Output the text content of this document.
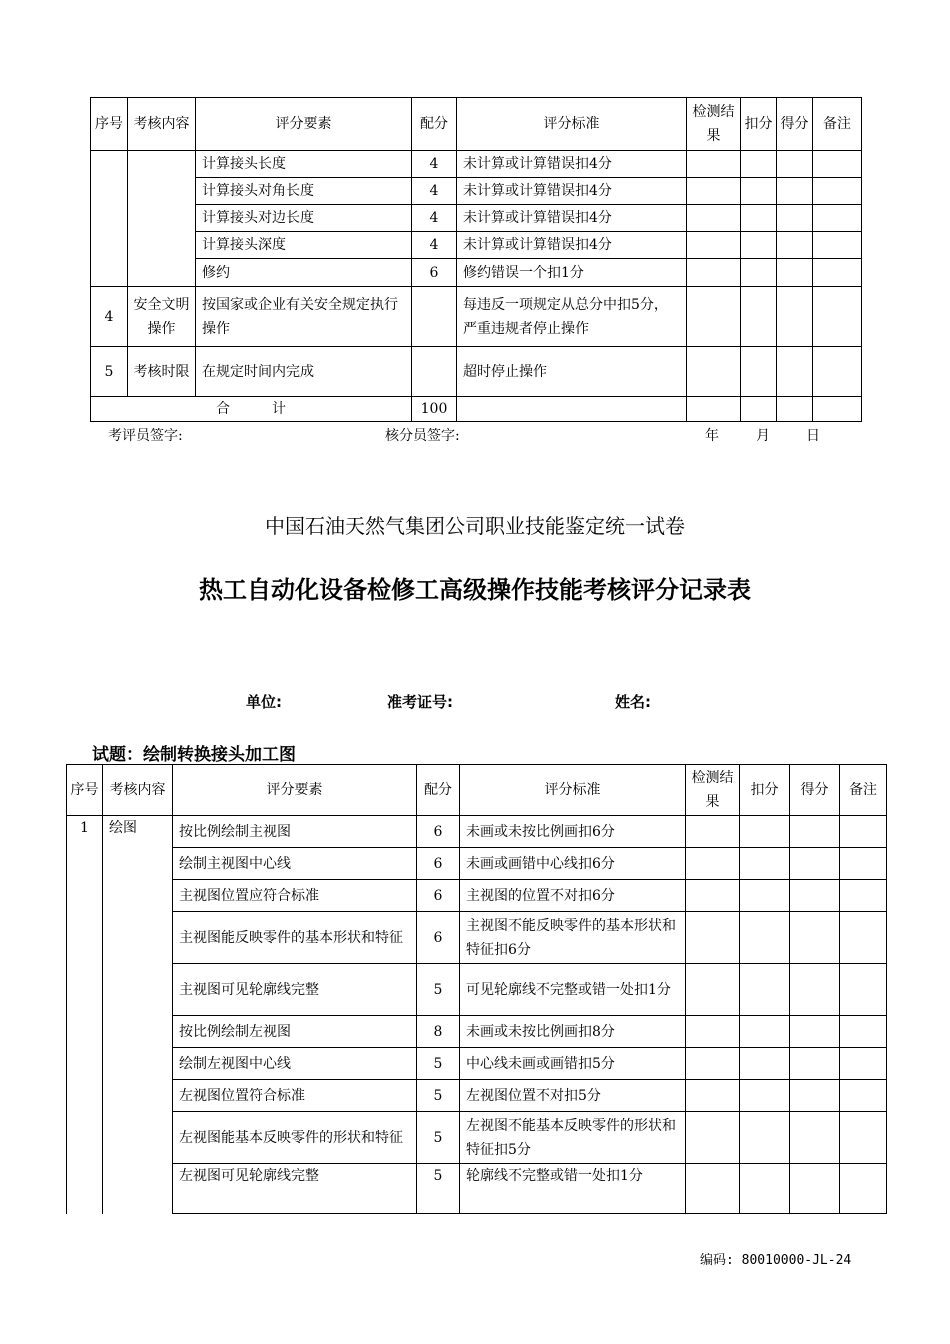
序号	考核内容	评分要素	配分	评分标准	检测结果	扣分	得分	备注
		计算接头长度	4	未计算或计算错误扣4分				
		计算接头对角长度	4	未计算或计算错误扣4分				
		计算接头对边长度	4	未计算或计算错误扣4分				
		计算接头深度	4	未计算或计算错误扣4分				
		修约	6	修约错误一个扣1分				
4	安全文明操作	按国家或企业有关安全规定执行操作		每违反一项规定从总分中扣5分，严重违规者停止操作				
5	考核时限	在规定时间内完成		超时停止操作				
合　　　计			100					
考评员签字:	核分员签字:	年	月	日
中国石油天然气集团公司职业技能鉴定统一试卷
热工自动化设备检修工高级操作技能考核评分记录表
单位:	准考证号:	姓名:
试题：绘制转换接头加工图
序号	考核内容	评分要素	配分	评分标准	检测结果	扣分	得分	备注
1	绘图	按比例绘制主视图	6	未画或未按比例画扣6分				
		绘制主视图中心线	6	未画或画错中心线扣6分				
		主视图位置应符合标准	6	主视图的位置不对扣6分				
		主视图能反映零件的基本形状和特征	6	主视图不能反映零件的基本形状和特征扣6分				
		主视图可见轮廓线完整	5	可见轮廓线不完整或错一处扣1分				
		按比例绘制左视图	8	未画或未按比例画扣8分				
		绘制左视图中心线	5	中心线未画或画错扣5分				
		左视图位置符合标准	5	左视图位置不对扣5分				
		左视图能基本反映零件的形状和特征	5	左视图不能基本反映零件的形状和特征扣5分				
		左视图可见轮廓线完整	5	轮廓线不完整或错一处扣1分				
编码: 80010000-JL-24
